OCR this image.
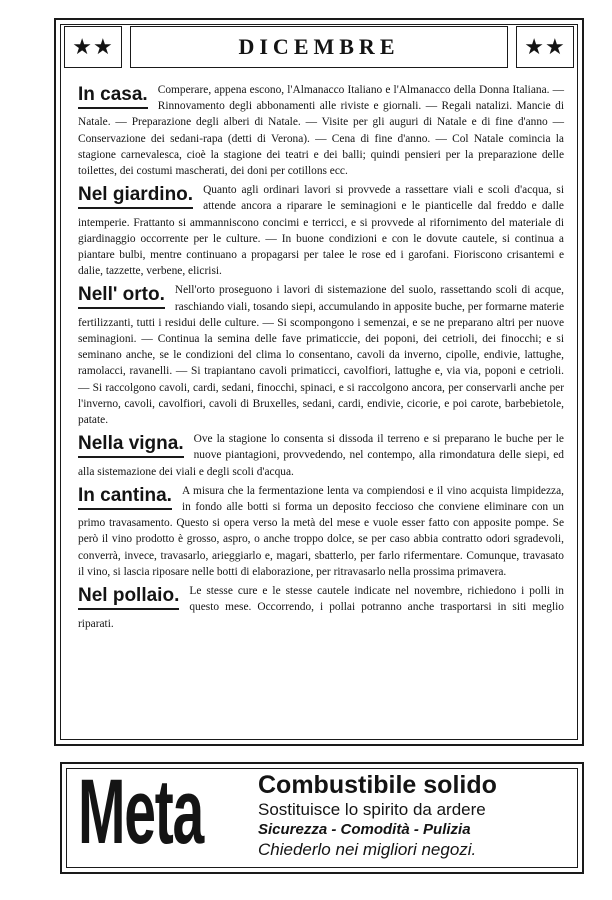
★★	DICEMBRE	★★
In casa. Comperare, appena escono, l'Almanacco Italiano e l'Almanacco della Donna Italiana. — Rinnovamento degli abbonamenti alle riviste e giornali. — Regali natalizi. Mancie di Natale. — Preparazione degli alberi di Natale. — Visite per gli auguri di Natale e di fine d'anno — Conservazione dei sedani-rapa (detti di Verona). — Cena di fine d'anno. — Col Natale comincia la stagione carnevalesca, cioè la stagione dei teatri e dei balli; quindi pensieri per la preparazione delle toilettes, dei costumi mascherati, dei doni per cotillons ecc.
Nel giardino. Quanto agli ordinari lavori si provvede a rassettare viali e scoli d'acqua, si attende ancora a riparare le seminagioni e le pianticelle dal freddo e dalle intemperie. Frattanto si ammanniscono concimi e terricci, e si provvede al rifornimento del materiale di giardinaggio occorrente per le culture. — In buone condizioni e con le dovute cautele, si continua a piantare bulbi, mentre continuano a propagarsi per talee le rose ed i garofani. Fioriscono crisantemi e dalie, tazzette, verbene, elicrisi.
Nell' orto. Nell'orto proseguono i lavori di sistemazione del suolo, rassettando scoli di acque, raschiando viali, tosando siepi, accumulando in apposite buche, per formarne materie fertilizzanti, tutti i residui delle culture. — Si scompongono i semenzai, e se ne preparano altri per nuove seminagioni. — Continua la semina delle fave primaticcie, dei poponi, dei cetrioli, dei finocchi; e si seminano anche, se le condizioni del clima lo consentano, cavoli da inverno, cipolle, endivie, lattughe, ramolacci, ravanelli. — Si trapiantano cavoli primaticci, cavolfiori, lattughe e, via via, poponi e cetrioli. — Si raccolgono cavoli, cardi, sedani, finocchi, spinaci, e si raccolgono ancora, per conservarli anche per l'inverno, cavoli, cavolfiori, cavoli di Bruxelles, sedani, cardi, endivie, cicorie, e poi carote, barbebietole, patate.
Nella vigna. Ove la stagione lo consenta si dissoda il terreno e si preparano le buche per le nuove piantagioni, provvedendo, nel contempo, alla rimondatura delle siepi, ed alla sistemazione dei viali e degli scoli d'acqua.
In cantina. A misura che la fermentazione lenta va compiendosi e il vino acquista limpidezza, in fondo alle botti si forma un deposito feccioso che conviene eliminare con un primo travasamento. Questo si opera verso la metà del mese e vuole esser fatto con apposite pompe. Se però il vino prodotto è grosso, aspro, o anche troppo dolce, se per caso abbia contratto odori sgradevoli, converrà, invece, travasarlo, arieggiarlo e, magari, sbatterlo, per farlo rifermentare. Comunque, travasato il vino, si lascia riposare nelle botti di elaborazione, per ritravasarlo nella prossima primavera.
Nel pollaio. Le stesse cure e le stesse cautele indicate nel novembre, richiedono i polli in questo mese. Occorrendo, i pollai potranno anche trasportarsi in siti meglio riparati.
Meta Combustibile solido
Sostituisce lo spirito da ardere
Sicurezza - Comodità - Pulizia
Chiederlo nei migliori negozi.
